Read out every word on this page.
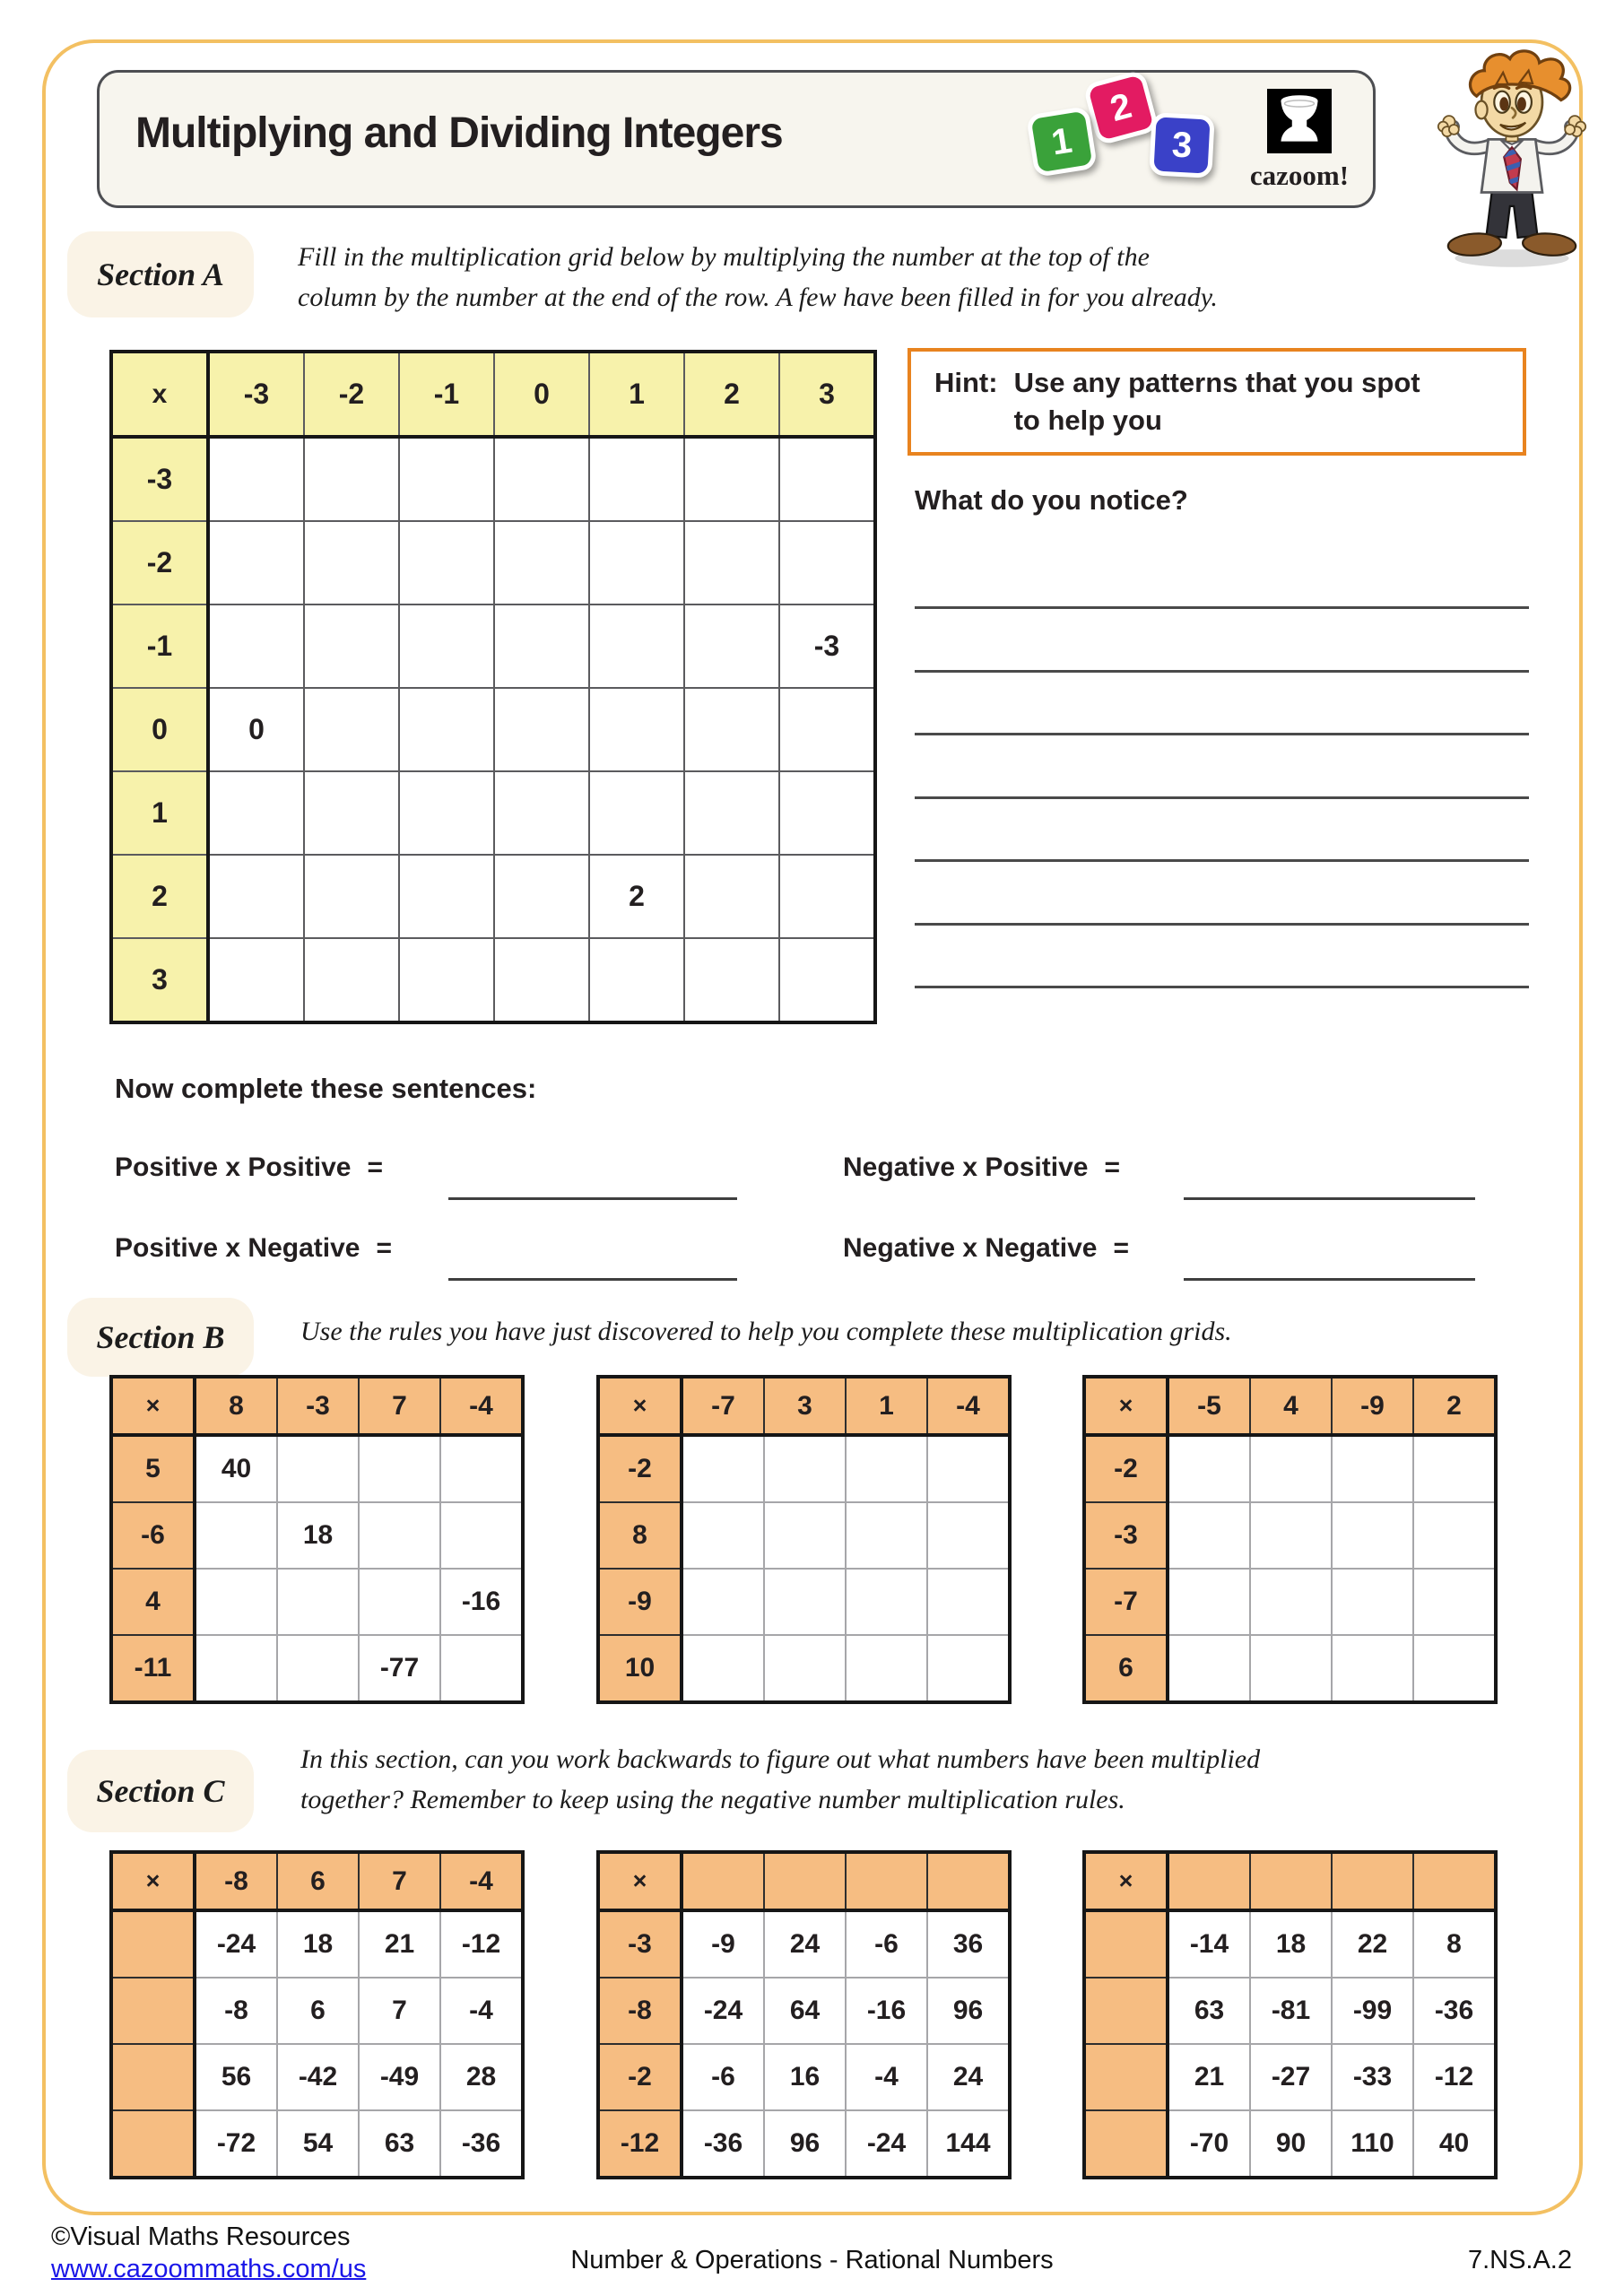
Multiplying and Dividing Integers	1
2
3
cazoom!
Section A	Fill in the multiplication grid below by multiplying the number at the top of the
column by the number at the end of the row. A few have been filled in for you already.
x	-3	-2	-1	0	1	2	3
-3							
-2							
-1							-3
0	0						
1							
2					2		
3							
Hint: Use any patterns that you spot
to help you
What do you notice?
Now complete these sentences:
Positive x Positive =	Negative x Positive =
Positive x Negative =	Negative x Negative =
Section B	Use the rules you have just discovered to help you complete these multiplication grids.
×	8	-3	7	-4
5	40			
-6		18		
4				-16
-11			-77	
×	-7	3	1	-4
-2				
8				
-9				
10				
×	-5	4	-9	2
-2				
-3				
-7				
6				
Section C
In this section, can you work backwards to figure out what numbers have been multiplied
together? Remember to keep using the negative number multiplication rules.
×	-8	6	7	-4
	-24	18	21	-12
	-8	6	7	-4
	56	-42	-49	28
	-72	54	63	-36
×				
-3	-9	24	-6	36
-8	-24	64	-16	96
-2	-6	16	-4	24
-12	-36	96	-24	144
×				
	-14	18	22	8
	63	-81	-99	-36
	21	-27	-33	-12
	-70	90	110	40
©Visual Maths Resources
www.cazoommaths.com/us	Number & Operations - Rational Numbers	7.NS.A.2
